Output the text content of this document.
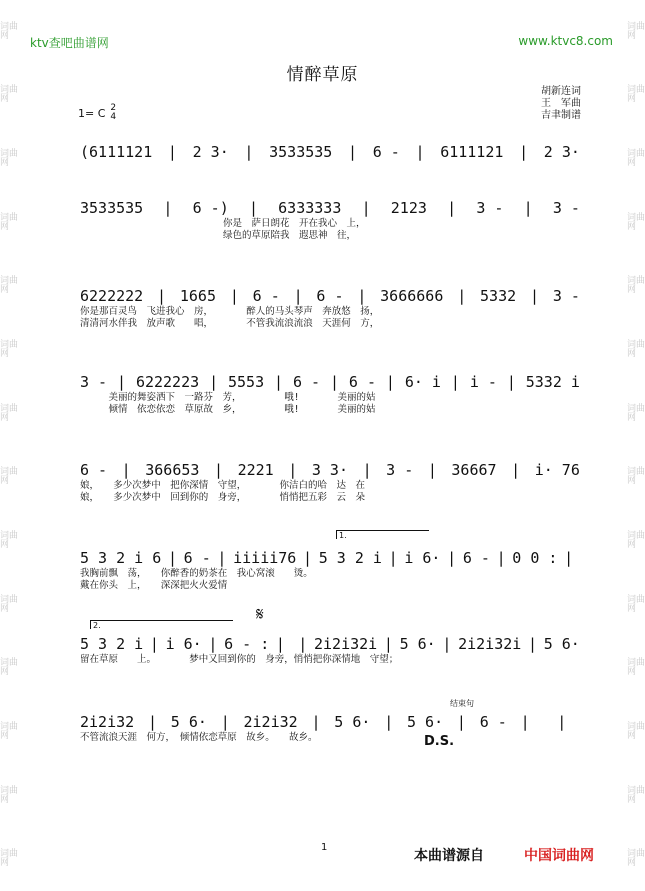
词曲网
词曲网
词曲网
词曲网
词曲网
词曲网
词曲网
词曲网
词曲网
词曲网
词曲网
词曲网
词曲网
词曲网
词曲网
词曲网
词曲网
词曲网
词曲网
词曲网
词曲网
词曲网
词曲网
词曲网
词曲网
词曲网
词曲网
词曲网
ktv查吧曲谱网	www.ktvc8.com
情醉草原
胡新连词
王　军曲
吉聿制谱
1= C 2
4
(6111121 | 2 3· | 3533535 | 6 - | 6111121 | 2 3·
3533535 | 6 -) | 6333333 | 2123 | 3 - | 3 -
你是　萨日朗花　开在我心　上，
绿色的草原陪我　遐思神　往，
6222222 | 1665 | 6 - | 6 - | 3666666 | 5332 | 3 -
你是那百灵鸟　飞进我心　房，　　　　醉人的马头琴声　奔放悠　扬，
清清河水伴我　放声歌　　唱，　　　　不管我流浪流浪　天涯何　方，
3 - | 6222223 | 5553 | 6 - | 6 - | 6· i | i - | 5332 i
　　　美丽的舞姿洒下　一路芬　芳，　　　　　哦!　　　　美丽的姑
　　　倾情　依恋依恋　草原故　乡，　　　　　哦!　　　　美丽的姑
6 - | 366653 | 2221 | 3 3· | 3 - | 36667 | i· 76
娘，　　多少次梦中　把你深情　守望，　　　　你洁白的哈　达　在
娘，　　多少次梦中　回到你的　身旁，　　　　悄悄把五彩　云　朵
5 3 2 i 6 | 6 - | iiiii76 | 5 3 2 i | i 6· | 6 - | 0 0 : |
我胸前飘　荡，　　你醉香的奶茶在　我心窝滚　　烫。
戴在你头　上，　　深深把火火爱情
5 3 2 i | i 6· | 6 - : | | 2i2i32i | 5 6· | 2i2i32i | 5 6·
留在草原　　上。　　　　梦中又回到你的　身旁，悄悄把你深情地　守望；
2i2i32 | 5 6· | 2i2i32 | 5 6· | 5 6· | 6 - | |
不管流浪天涯　何方，　倾情依恋草原　故乡。　　故乡。
1.
2.
𝄋
D.S.
结束句
1
本曲谱源自	中国词曲网
